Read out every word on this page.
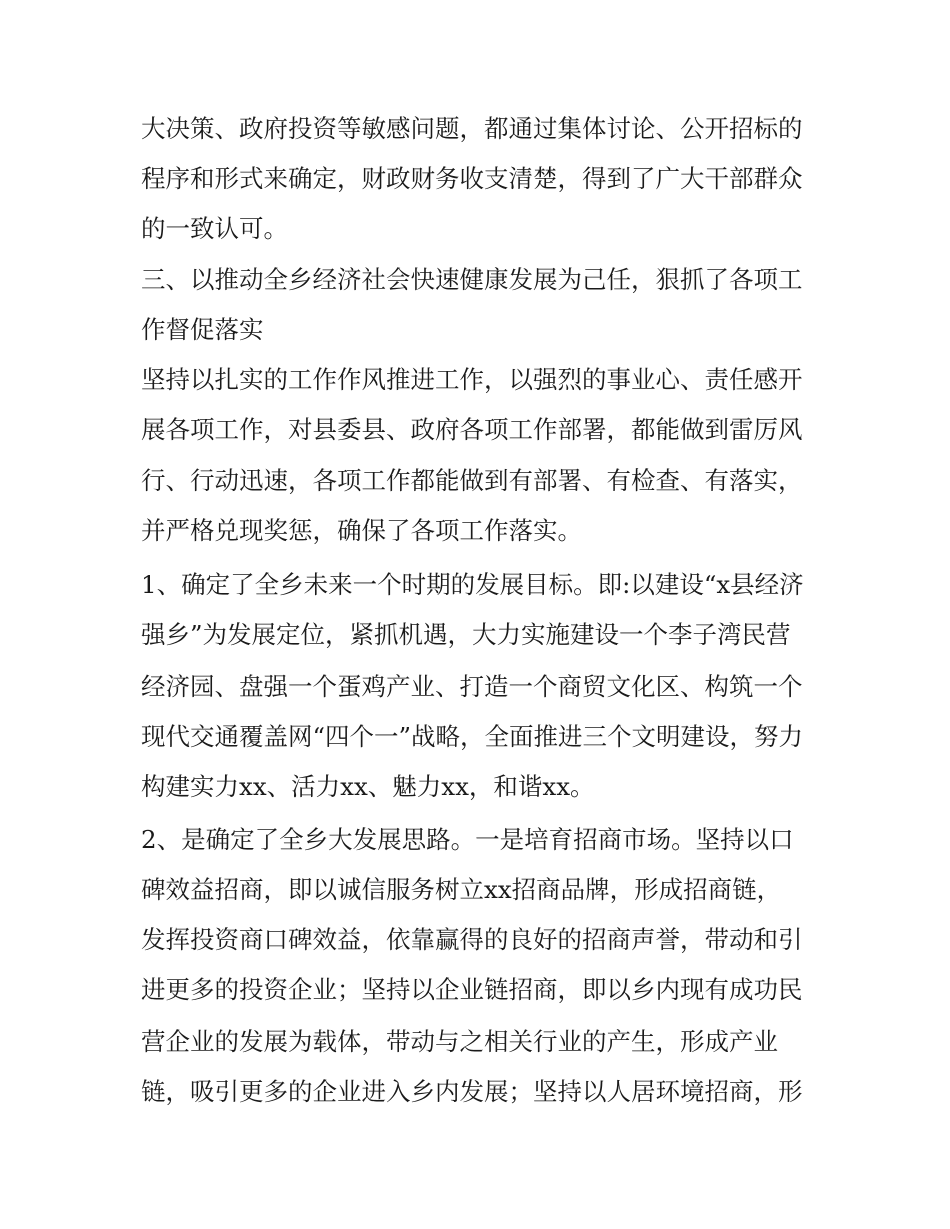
大决策、政府投资等敏感问题，都通过集体讨论、公开招标的
程序和形式来确定，财政财务收支清楚，得到了广大干部群众
的一致认可。
三、以推动全乡经济社会快速健康发展为己任，狠抓了各项工
作督促落实
坚持以扎实的工作作风推进工作，以强烈的事业心、责任感开
展各项工作，对县委县、政府各项工作部署，都能做到雷厉风
行、行动迅速，各项工作都能做到有部署、有检查、有落实，
并严格兑现奖惩，确保了各项工作落实。
1、确定了全乡未来一个时期的发展目标。即:以建设“x县经济
强乡”为发展定位，紧抓机遇，大力实施建设一个李子湾民营
经济园、盘强一个蛋鸡产业、打造一个商贸文化区、构筑一个
现代交通覆盖网“四个一”战略，全面推进三个文明建设，努力
构建实力xx、活力xx、魅力xx，和谐xx。
2、是确定了全乡大发展思路。一是培育招商市场。坚持以口
碑效益招商，即以诚信服务树立xx招商品牌，形成招商链，
发挥投资商口碑效益，依靠赢得的良好的招商声誉，带动和引
进更多的投资企业；坚持以企业链招商，即以乡内现有成功民
营企业的发展为载体，带动与之相关行业的产生，形成产业
链，吸引更多的企业进入乡内发展；坚持以人居环境招商，形
